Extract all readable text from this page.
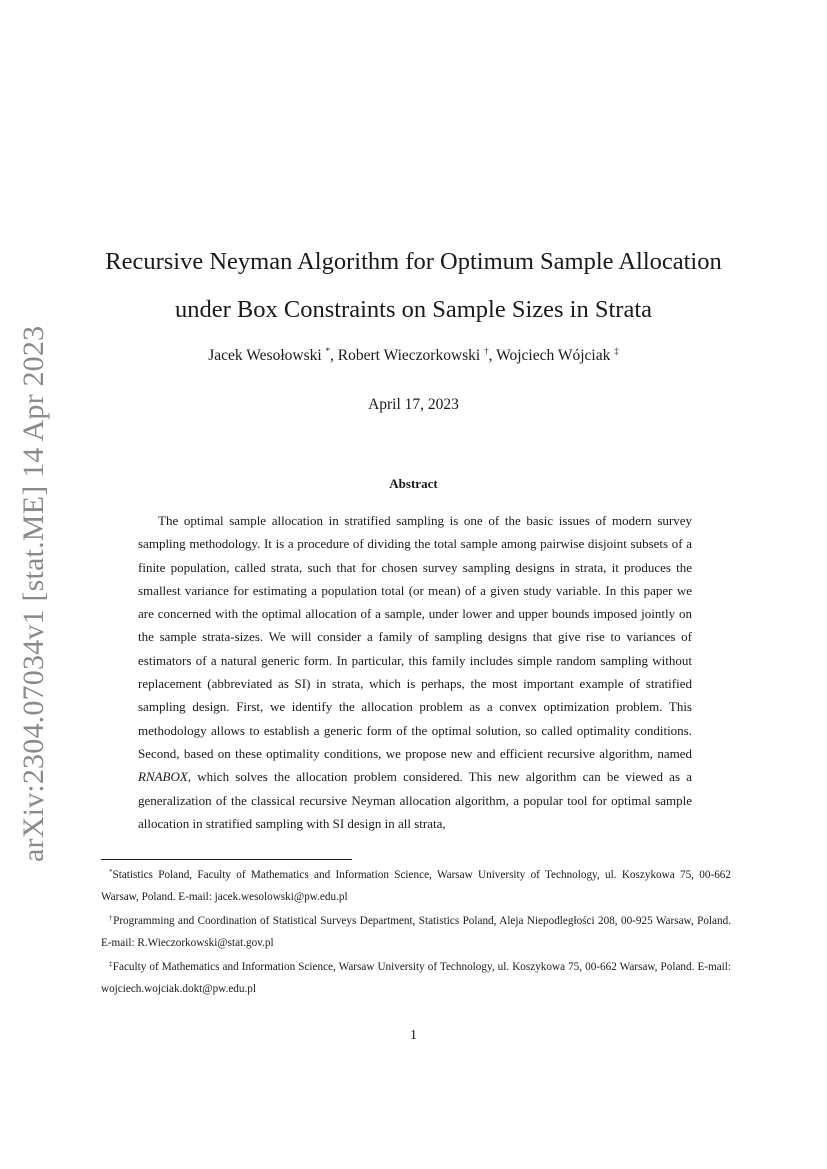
arXiv:2304.07034v1 [stat.ME] 14 Apr 2023
Recursive Neyman Algorithm for Optimum Sample Allocation
under Box Constraints on Sample Sizes in Strata
Jacek Wesołowski *, Robert Wieczorkowski †, Wojciech Wójciak ‡
April 17, 2023
Abstract

The optimal sample allocation in stratified sampling is one of the basic issues of modern survey sampling methodology. It is a procedure of dividing the total sample among pairwise disjoint subsets of a finite population, called strata, such that for chosen survey sampling designs in strata, it produces the smallest variance for estimating a population total (or mean) of a given study variable. In this paper we are concerned with the optimal allocation of a sample, under lower and upper bounds imposed jointly on the sample strata-sizes. We will consider a family of sampling designs that give rise to variances of estimators of a natural generic form. In particular, this family includes simple random sampling without replacement (abbreviated as SI) in strata, which is perhaps, the most important example of stratified sampling design. First, we identify the allocation problem as a convex optimization problem. This methodology allows to establish a generic form of the optimal solution, so called optimality conditions. Second, based on these optimality conditions, we propose new and efficient recursive algorithm, named RNABOX, which solves the allocation problem considered. This new algorithm can be viewed as a generalization of the classical recursive Neyman allocation algorithm, a popular tool for optimal sample allocation in stratified sampling with SI design in all strata,

*Statistics Poland, Faculty of Mathematics and Information Science, Warsaw University of Technology, ul. Koszykowa 75, 00-662 Warsaw, Poland. E-mail: jacek.wesolowski@pw.edu.pl

†Programming and Coordination of Statistical Surveys Department, Statistics Poland, Aleja Niepodległości 208, 00-925 Warsaw, Poland. E-mail: R.Wieczorkowski@stat.gov.pl

‡Faculty of Mathematics and Information Science, Warsaw University of Technology, ul. Koszykowa 75, 00-662 Warsaw, Poland. E-mail: wojciech.wojciak.dokt@pw.edu.pl

1
